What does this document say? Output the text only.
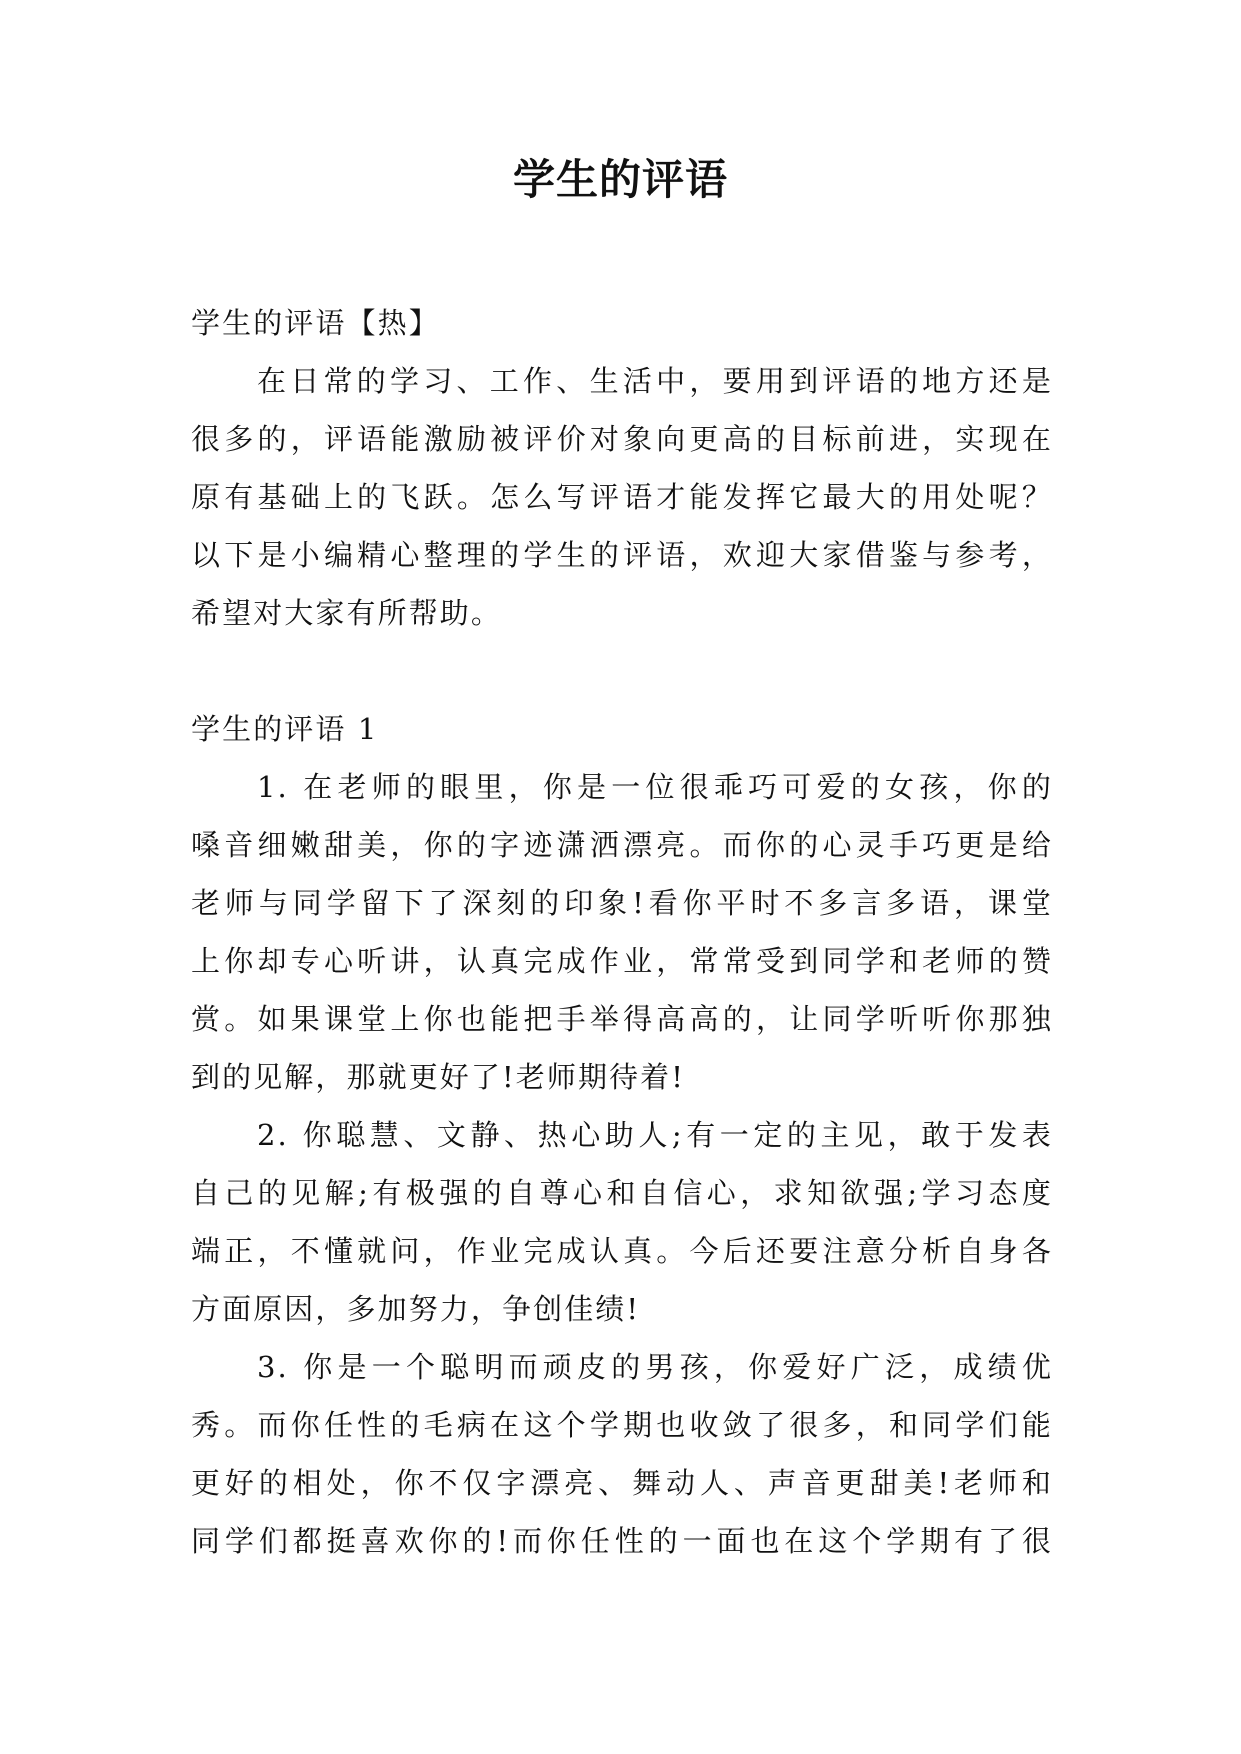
学生的评语

学生的评语【热】

在日常的学习、工作、生活中，要用到评语的地方还是

很多的，评语能激励被评价对象向更高的目标前进，实现在

原有基础上的飞跃。怎么写评语才能发挥它最大的用处呢？

以下是小编精心整理的学生的评语，欢迎大家借鉴与参考，

希望对大家有所帮助。

学生的评语 1

1. 在老师的眼里，你是一位很乖巧可爱的女孩，你的

嗓音细嫩甜美，你的字迹潇洒漂亮。而你的心灵手巧更是给

老师与同学留下了深刻的印象!看你平时不多言多语，课堂

上你却专心听讲，认真完成作业，常常受到同学和老师的赞

赏。如果课堂上你也能把手举得高高的，让同学听听你那独

到的见解，那就更好了!老师期待着!

2. 你聪慧、文静、热心助人;有一定的主见，敢于发表

自己的见解;有极强的自尊心和自信心，求知欲强;学习态度

端正，不懂就问，作业完成认真。今后还要注意分析自身各

方面原因，多加努力，争创佳绩!

3. 你是一个聪明而顽皮的男孩，你爱好广泛，成绩优

秀。而你任性的毛病在这个学期也收敛了很多，和同学们能

更好的相处，你不仅字漂亮、舞动人、声音更甜美!老师和

同学们都挺喜欢你的!而你任性的一面也在这个学期有了很
